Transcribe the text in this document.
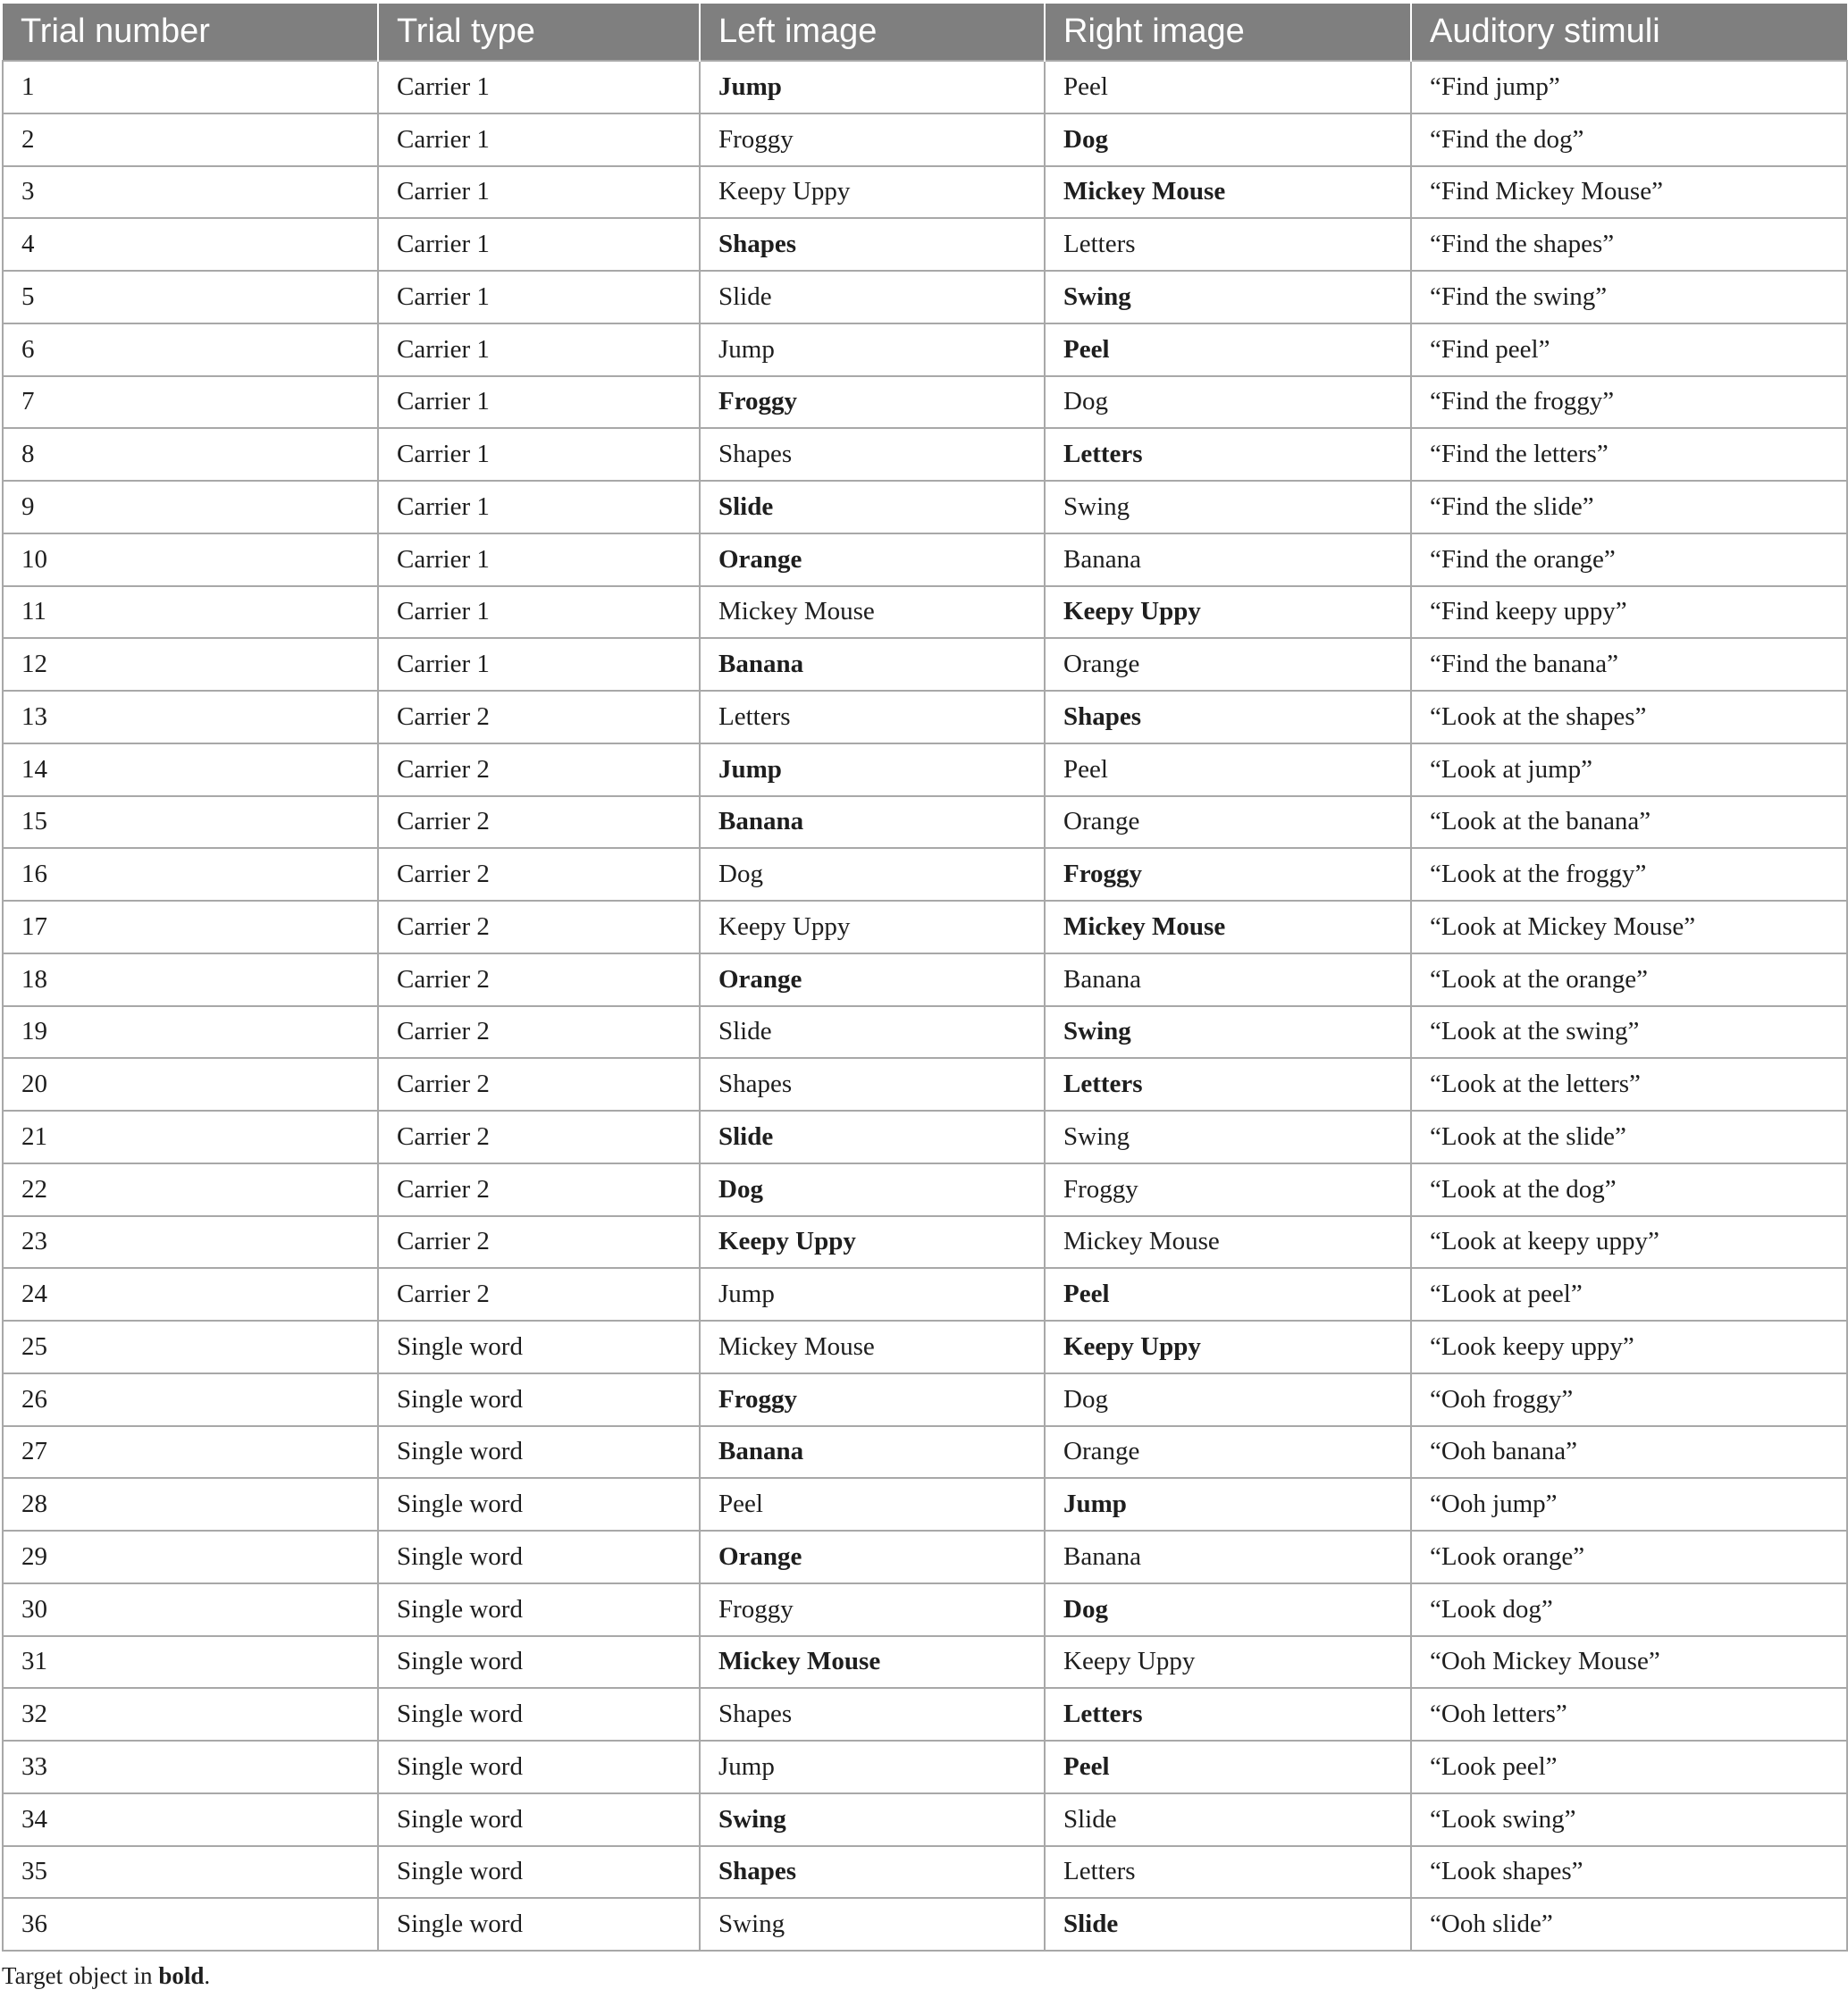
Trial number	Trial type	Left image	Right image	Auditory stimuli
1	Carrier 1	Jump	Peel	“Find jump”
2	Carrier 1	Froggy	Dog	“Find the dog”
3	Carrier 1	Keepy Uppy	Mickey Mouse	“Find Mickey Mouse”
4	Carrier 1	Shapes	Letters	“Find the shapes”
5	Carrier 1	Slide	Swing	“Find the swing”
6	Carrier 1	Jump	Peel	“Find peel”
7	Carrier 1	Froggy	Dog	“Find the froggy”
8	Carrier 1	Shapes	Letters	“Find the letters”
9	Carrier 1	Slide	Swing	“Find the slide”
10	Carrier 1	Orange	Banana	“Find the orange”
11	Carrier 1	Mickey Mouse	Keepy Uppy	“Find keepy uppy”
12	Carrier 1	Banana	Orange	“Find the banana”
13	Carrier 2	Letters	Shapes	“Look at the shapes”
14	Carrier 2	Jump	Peel	“Look at jump”
15	Carrier 2	Banana	Orange	“Look at the banana”
16	Carrier 2	Dog	Froggy	“Look at the froggy”
17	Carrier 2	Keepy Uppy	Mickey Mouse	“Look at Mickey Mouse”
18	Carrier 2	Orange	Banana	“Look at the orange”
19	Carrier 2	Slide	Swing	“Look at the swing”
20	Carrier 2	Shapes	Letters	“Look at the letters”
21	Carrier 2	Slide	Swing	“Look at the slide”
22	Carrier 2	Dog	Froggy	“Look at the dog”
23	Carrier 2	Keepy Uppy	Mickey Mouse	“Look at keepy uppy”
24	Carrier 2	Jump	Peel	“Look at peel”
25	Single word	Mickey Mouse	Keepy Uppy	“Look keepy uppy”
26	Single word	Froggy	Dog	“Ooh froggy”
27	Single word	Banana	Orange	“Ooh banana”
28	Single word	Peel	Jump	“Ooh jump”
29	Single word	Orange	Banana	“Look orange”
30	Single word	Froggy	Dog	“Look dog”
31	Single word	Mickey Mouse	Keepy Uppy	“Ooh Mickey Mouse”
32	Single word	Shapes	Letters	“Ooh letters”
33	Single word	Jump	Peel	“Look peel”
34	Single word	Swing	Slide	“Look swing”
35	Single word	Shapes	Letters	“Look shapes”
36	Single word	Swing	Slide	“Ooh slide”
Target object in bold.
